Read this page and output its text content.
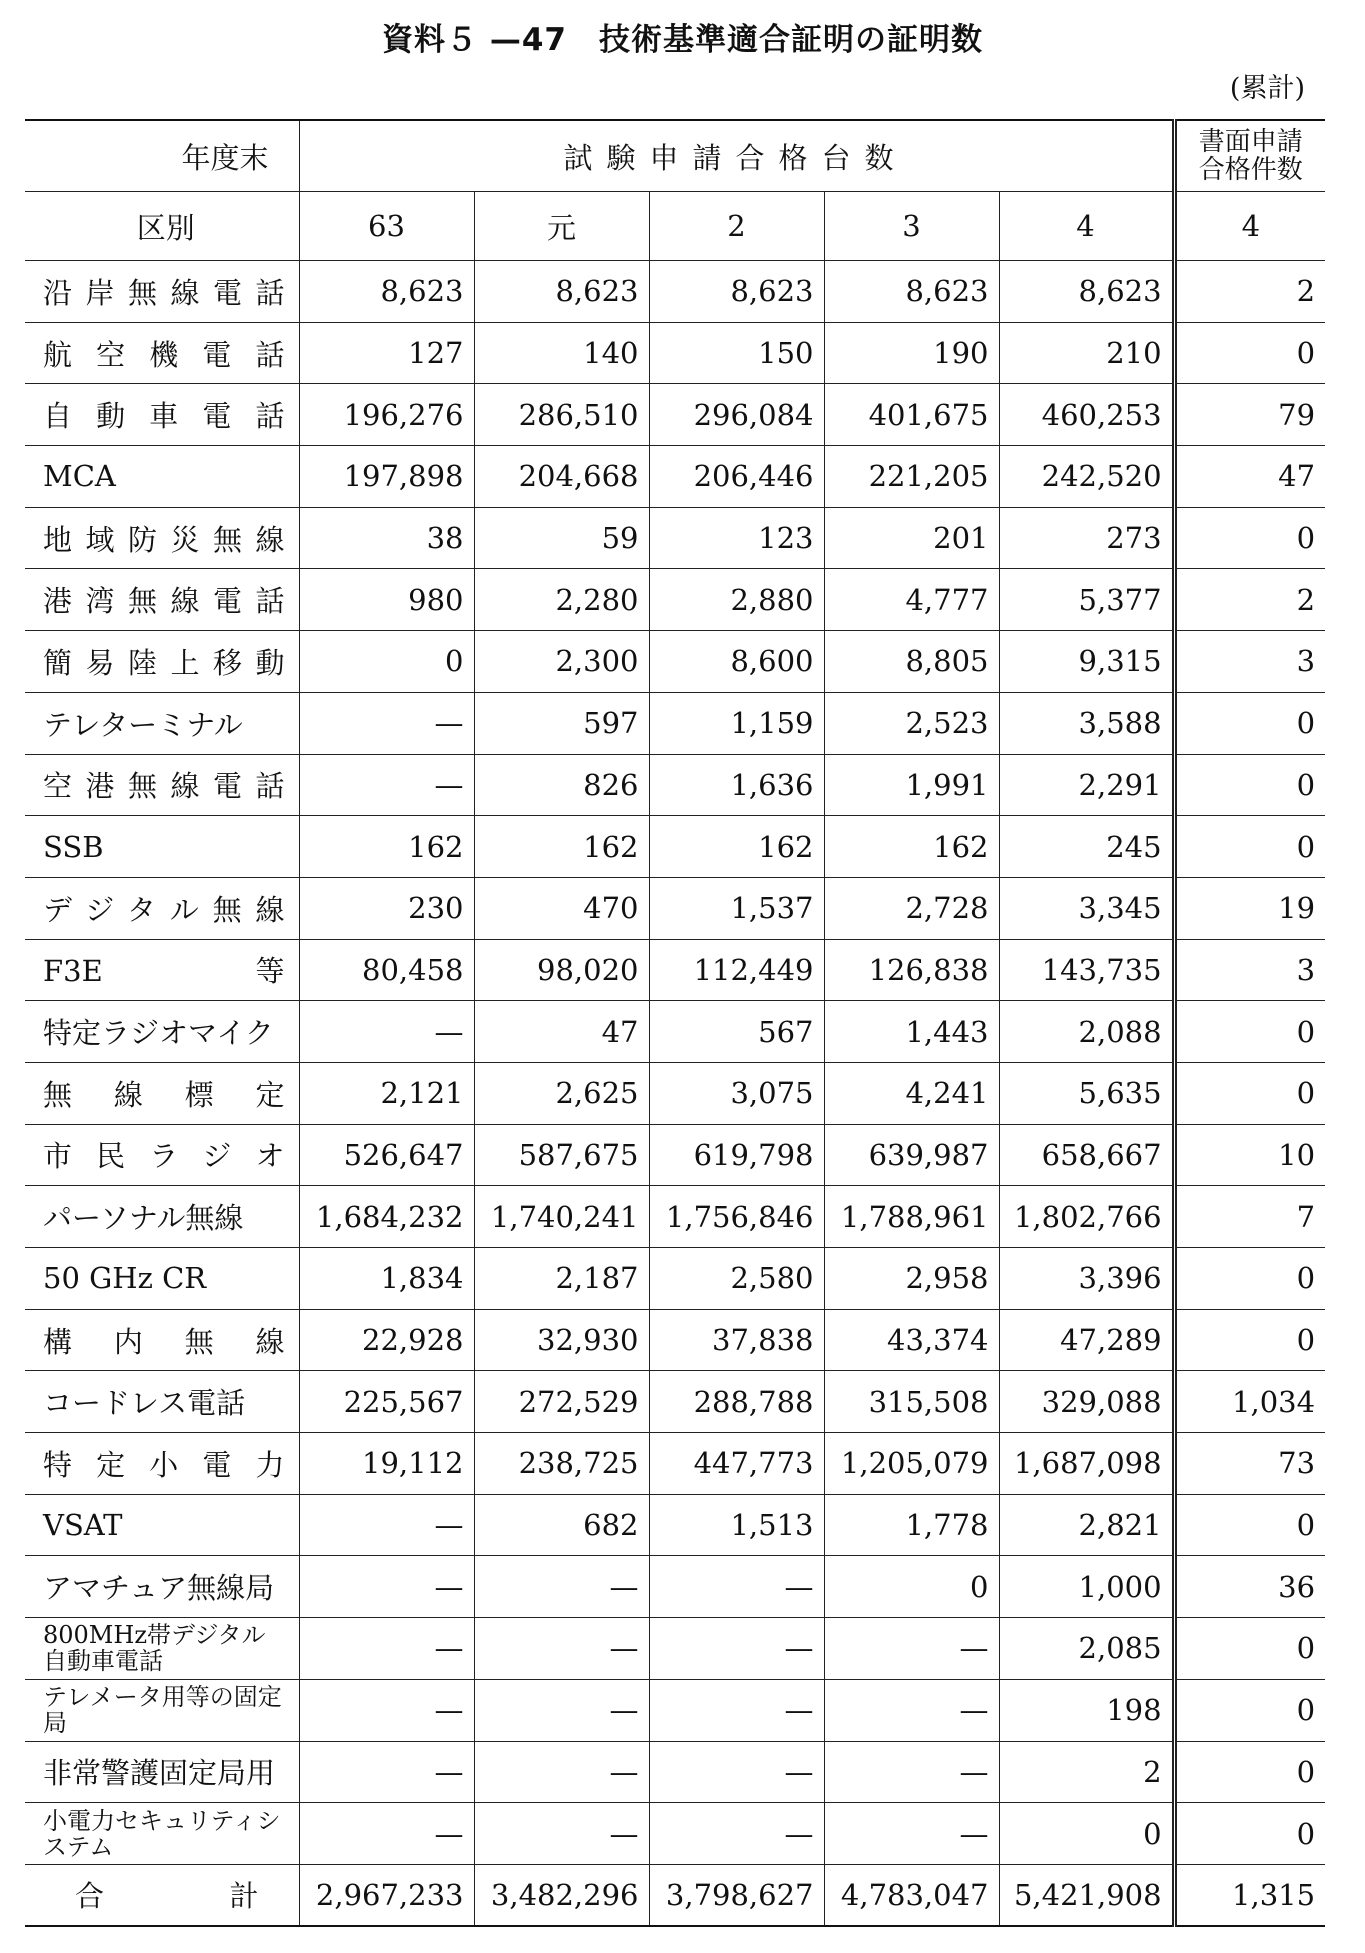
資料５ —47　技術基準適合証明の証明数
(累計)
年度末	試験申請合格台数					書面申請
合格件数

区別	63	元	2	3	4	4
沿岸無線電話	8,623	8,623	8,623	8,623	8,623	2
航空機電話	127	140	150	190	210	0
自動車電話	196,276	286,510	296,084	401,675	460,253	79
MCA	197,898	204,668	206,446	221,205	242,520	47
地域防災無線	38	59	123	201	273	0
港湾無線電話	980	2,280	2,880	4,777	5,377	2
簡易陸上移動	0	2,300	8,600	8,805	9,315	3
テレターミナル	—	597	1,159	2,523	3,588	0
空港無線電話	—	826	1,636	1,991	2,291	0
SSB	162	162	162	162	245	0
デジタル無線	230	470	1,537	2,728	3,345	19
F3E等	80,458	98,020	112,449	126,838	143,735	3
特定ラジオマイク	—	47	567	1,443	2,088	0
無線標定	2,121	2,625	3,075	4,241	5,635	0
市民ラジオ	526,647	587,675	619,798	639,987	658,667	10
パーソナル無線	1,684,232	1,740,241	1,756,846	1,788,961	1,802,766	7
50 GHz CR	1,834	2,187	2,580	2,958	3,396	0
構内無線	22,928	32,930	37,838	43,374	47,289	0
コードレス電話	225,567	272,529	288,788	315,508	329,088	1,034
特定小電力	19,112	238,725	447,773	1,205,079	1,687,098	73
VSAT	—	682	1,513	1,778	2,821	0
アマチュア無線局	—	—	—	0	1,000	36
800MHz帯デジタル自動車電話	—	—	—	—	2,085	0
テレメータ用等の固定局	—	—	—	—	198	0
非常警護固定局用	—	—	—	—	2	0
小電力セキュリティシステム	—	—	—	—	0	0
合計	2,967,233	3,482,296	3,798,627	4,783,047	5,421,908	1,315
